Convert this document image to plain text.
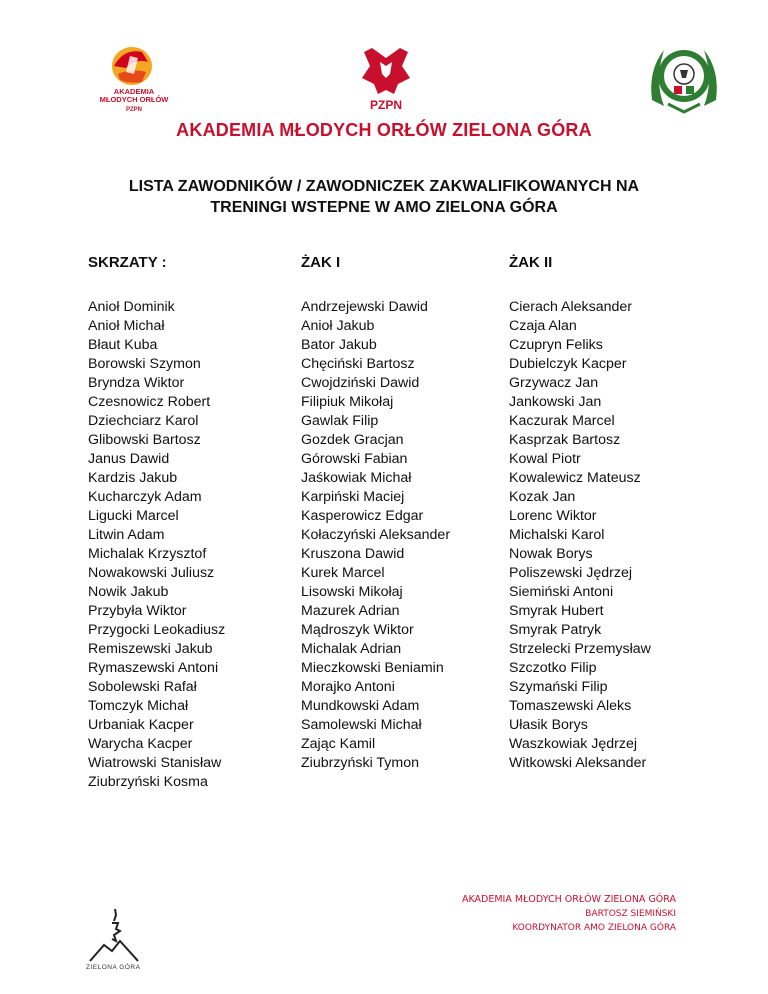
AKADEMIA
MŁODYCH ORŁÓW
PZPN	PZPN
AKADEMIA MŁODYCH ORŁÓW ZIELONA GÓRA
LISTA ZAWODNIKÓW / ZAWODNICZEK ZAKWALIFIKOWANYCH NA
TRENINGI WSTEPNE W AMO ZIELONA GÓRA
SKRZATY :
Anioł Dominik
Anioł Michał
Błaut Kuba
Borowski Szymon
Bryndza Wiktor
Czesnowicz Robert
Dziechciarz Karol
Glibowski Bartosz
Janus Dawid
Kardzis Jakub
Kucharczyk Adam
Ligucki Marcel
Litwin Adam
Michalak Krzysztof
Nowakowski Juliusz
Nowik Jakub
Przybyła Wiktor
Przygocki Leokadiusz
Remiszewski Jakub
Rymaszewski Antoni
Sobolewski Rafał
Tomczyk Michał
Urbaniak Kacper
Warycha Kacper
Wiatrowski Stanisław
Ziubrzyński Kosma
ŻAK I
Andrzejewski Dawid
Anioł Jakub
Bator Jakub
Chęciński Bartosz
Cwojdziński Dawid
Filipiuk Mikołaj
Gawlak Filip
Gozdek Gracjan
Górowski Fabian
Jaśkowiak Michał
Karpiński Maciej
Kasperowicz Edgar
Kołaczyński Aleksander
Kruszona Dawid
Kurek Marcel
Lisowski Mikołaj
Mazurek Adrian
Mądroszyk Wiktor
Michalak Adrian
Mieczkowski Beniamin
Morajko Antoni
Mundkowski Adam
Samolewski Michał
Zając Kamil
Ziubrzyński Tymon
ŻAK II
Cierach Aleksander
Czaja Alan
Czupryn Feliks
Dubielczyk Kacper
Grzywacz Jan
Jankowski Jan
Kaczurak Marcel
Kasprzak Bartosz
Kowal Piotr
Kowalewicz Mateusz
Kozak Jan
Lorenc Wiktor
Michalski Karol
Nowak Borys
Poliszewski Jędrzej
Siemiński Antoni
Smyrak Hubert
Smyrak Patryk
Strzelecki Przemysław
Szczotko Filip
Szymański Filip
Tomaszewski Aleks
Ułasik Borys
Waszkowiak Jędrzej
Witkowski Aleksander
AKADEMIA MŁODYCH ORŁÓW ZIELONA GÓRA
BARTOSZ SIEMIŃSKI
KOORDYNATOR AMO ZIELONA GÓRA
ZIELONA GÓRA
